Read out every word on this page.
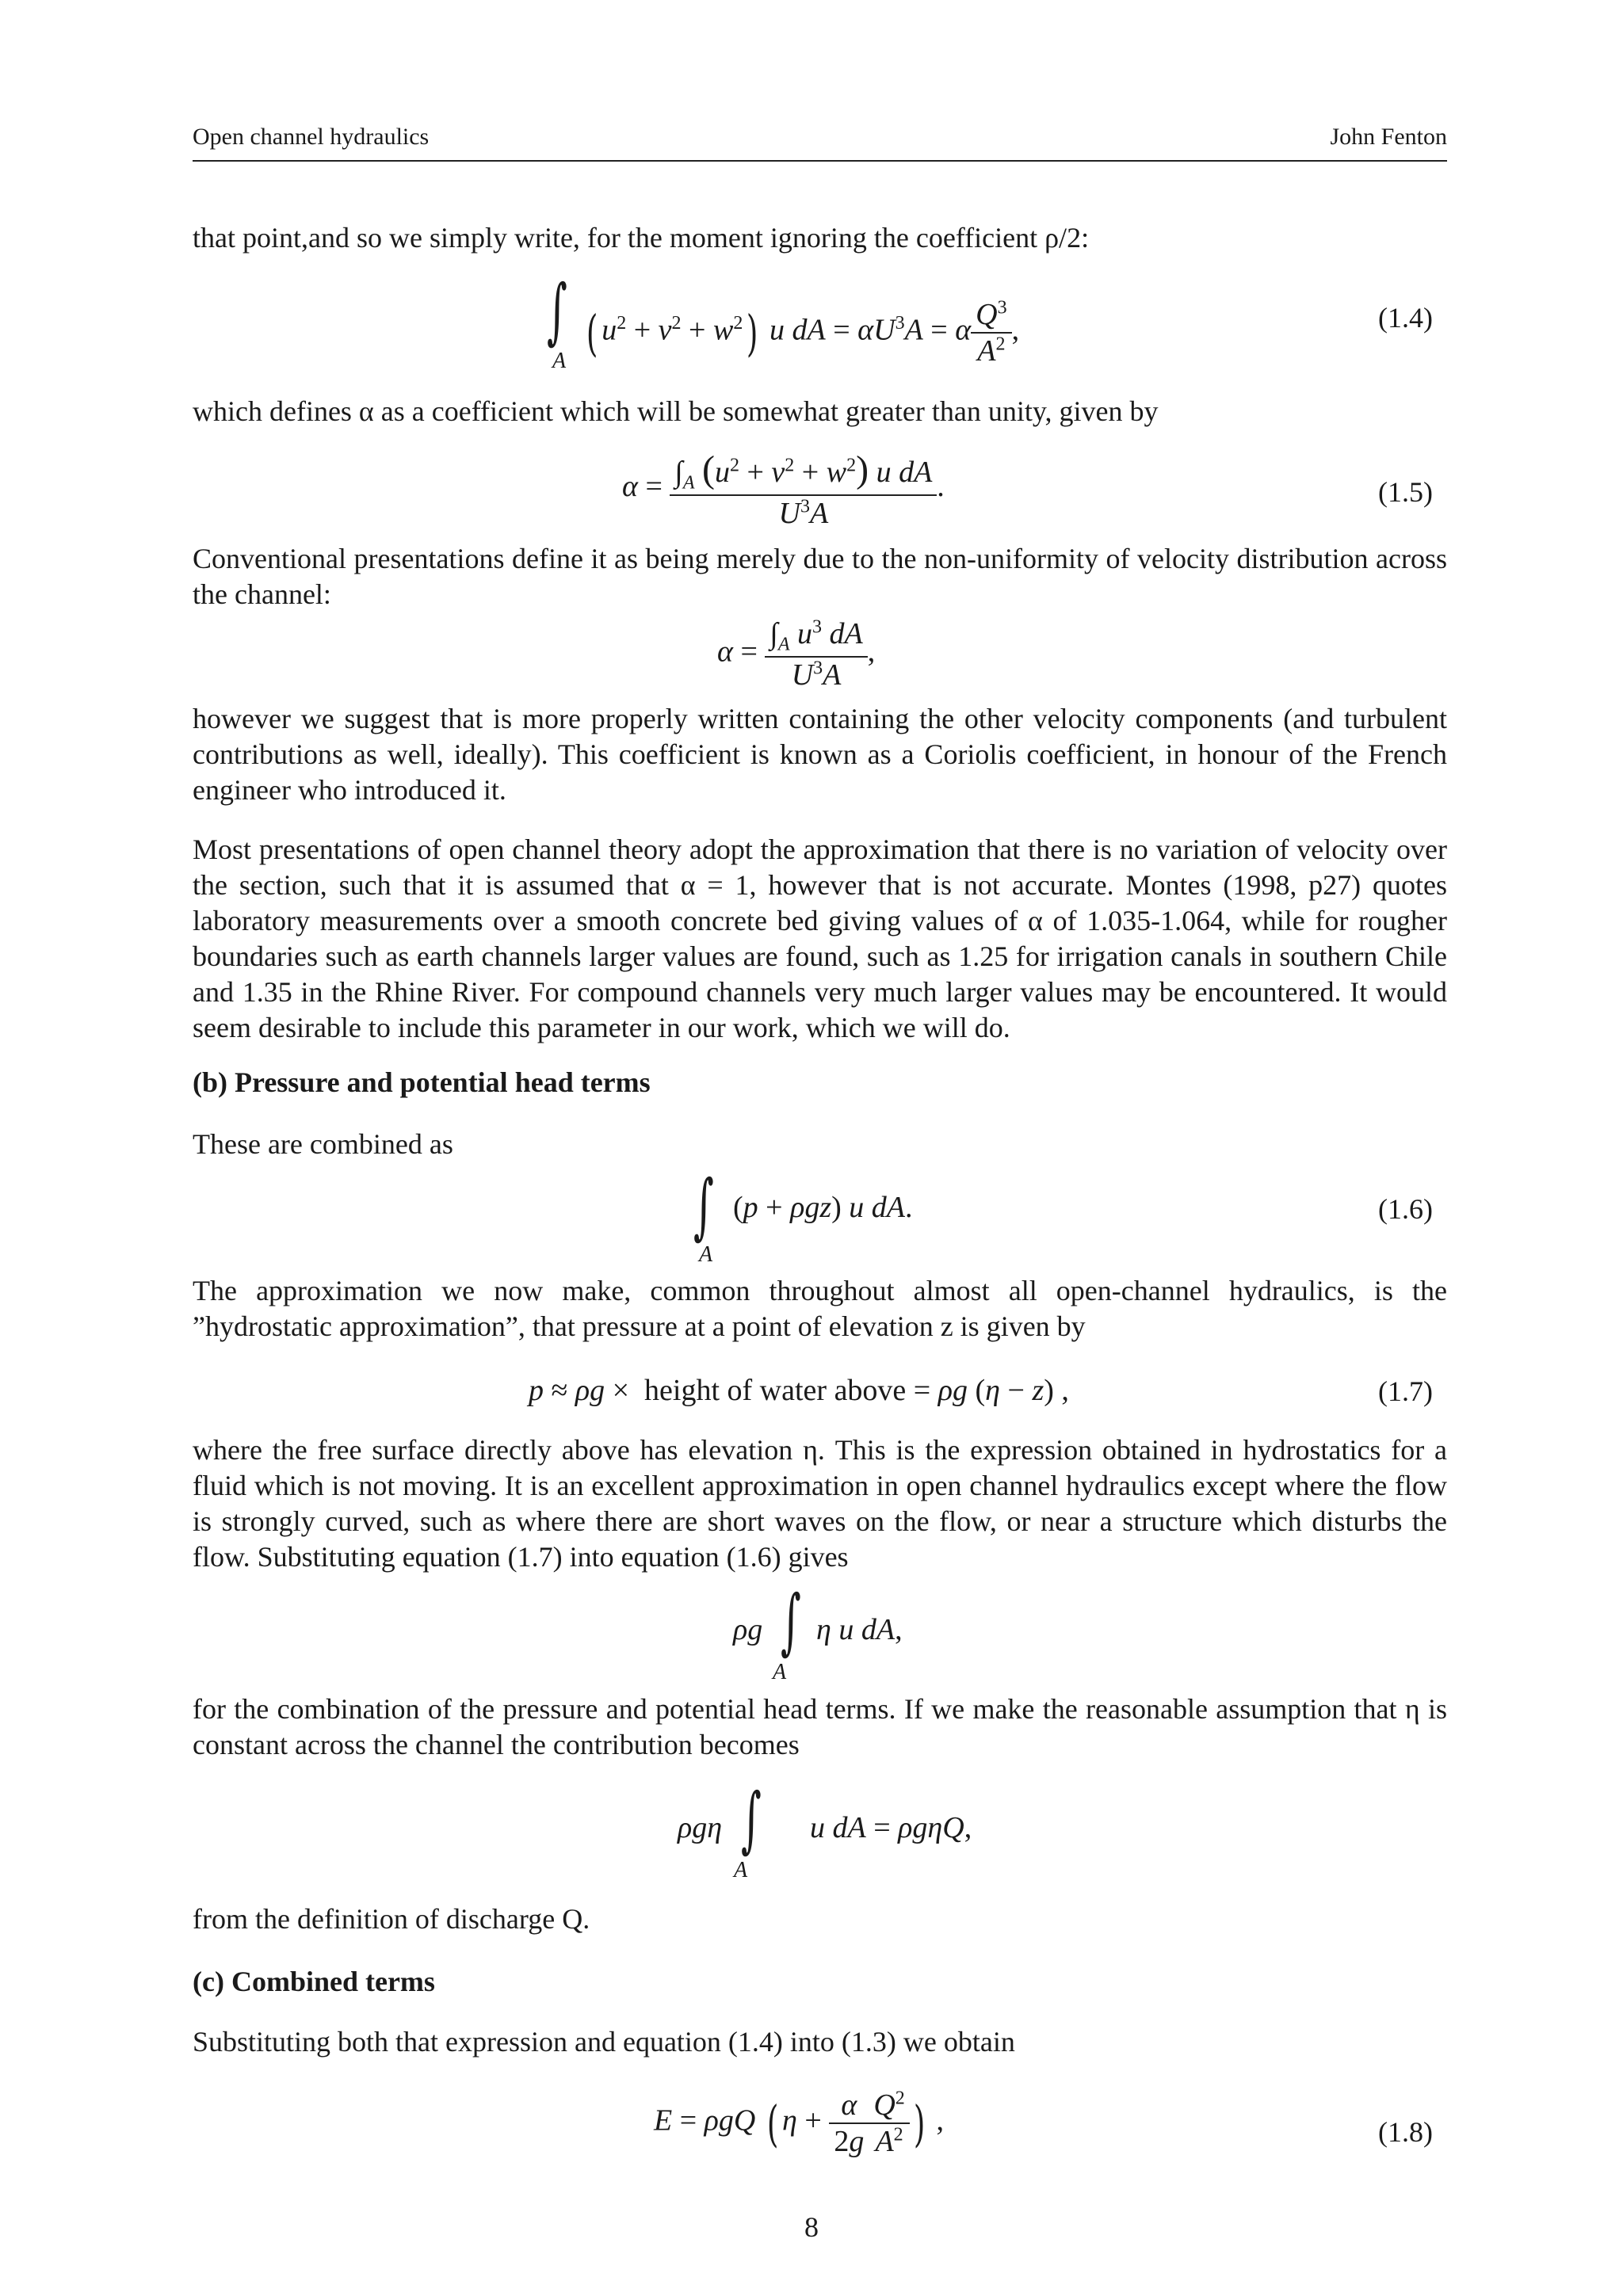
Open channel hydraulics	John Fenton

that point,and so we simply write, for the moment ignoring the coefficient ρ/2:

∫
A ( $u^2 + v^2 + w^2$) u dA = $\alpha U^3A = \alpha \frac{Q^3}{A^2}$ ,	(1.4)

which defines α as a coefficient which will be somewhat greater than unity, given by

$\alpha = \frac{\int_A (u^2 + v^2 + w^2) u dA}{U^3A}$ .	(1.5)

Conventional presentations define it as being merely due to the non-uniformity of velocity distribution across the channel:

$\alpha = \frac{\int_A u^3 dA}{U^3A}$ ,

however we suggest that is more properly written containing the other velocity components (and turbulent contributions as well, ideally). This coefficient is known as a Coriolis coefficient, in honour of the French engineer who introduced it.

Most presentations of open channel theory adopt the approximation that there is no variation of velocity over the section, such that it is assumed that α = 1, however that is not accurate. Montes (1998, p27) quotes laboratory measurements over a smooth concrete bed giving values of α of 1.035-1.064, while for rougher boundaries such as earth channels larger values are found, such as 1.25 for irrigation canals in southern Chile and 1.35 in the Rhine River. For compound channels very much larger values may be encountered. It would seem desirable to include this parameter in our work, which we will do.

(b) Pressure and potential head terms

These are combined as

∫
A
(p + ρgz) u dA.	(1.6)

The approximation we now make, common throughout almost all open-channel hydraulics, is the ”hydrostatic approximation”, that pressure at a point of elevation z is given by

p ≈ ρg ×  height of water above = ρg (η − z) ,	(1.7)

where the free surface directly above has elevation η. This is the expression obtained in hydrostatics for a fluid which is not moving. It is an excellent approximation in open channel hydraulics except where the flow is strongly curved, such as where there are short waves on the flow, or near a structure which disturbs the flow. Substituting equation (1.7) into equation (1.6) gives

ρg ∫
A
η u dA,

for the combination of the pressure and potential head terms. If we make the reasonable assumption that η is constant across the channel the contribution becomes

ρgη ∫
A
u dA = ρgηQ,

from the definition of discharge Q.

(c) Combined terms

Substituting both that expression and equation (1.4) into (1.3) we obtain

E = ρgQ ( $\eta + \frac{\alpha}{2g} \frac{Q^2}{A^2}$ ) ,	(1.8)
8
